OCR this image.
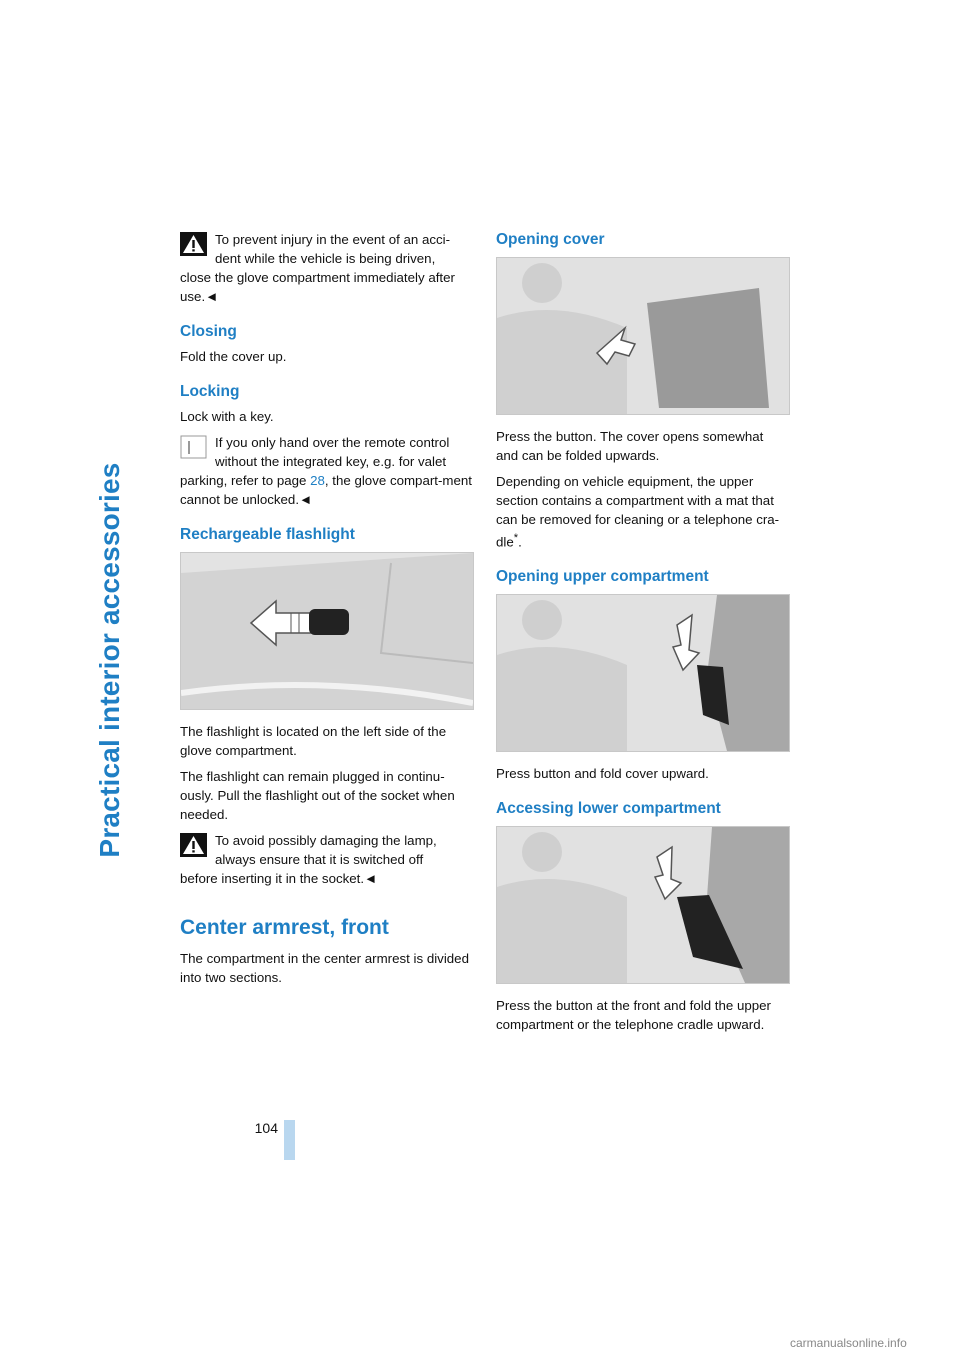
Practical interior accessories
104
To prevent injury in the event of an acci-
dent while the vehicle is being driven,

close the glove compartment immediately after use.◄
Closing

Fold the cover up.

Locking

Lock with a key.

If you only hand over the remote control
without the integrated key, e.g. for valet

parking, refer to page 28, the glove compart-ment cannot be unlocked.◄
Rechargeable flashlight

The flashlight is located on the left side of the glove compartment.

The flashlight can remain plugged in continu-ously. Pull the flashlight out of the socket when needed.

To avoid possibly damaging the lamp,
always ensure that it is switched off

before inserting it in the socket.◄
Center armrest, front

The compartment in the center armrest is divided into two sections.

Opening cover

Press the button. The cover opens somewhat and can be folded upwards.

Depending on vehicle equipment, the upper section contains a compartment with a mat that can be removed for cleaning or a telephone cra-dle*.

Opening upper compartment

Press button and fold cover upward.

Accessing lower compartment

Press the button at the front and fold the upper compartment or the telephone cradle upward.

carmanualsonline.info
